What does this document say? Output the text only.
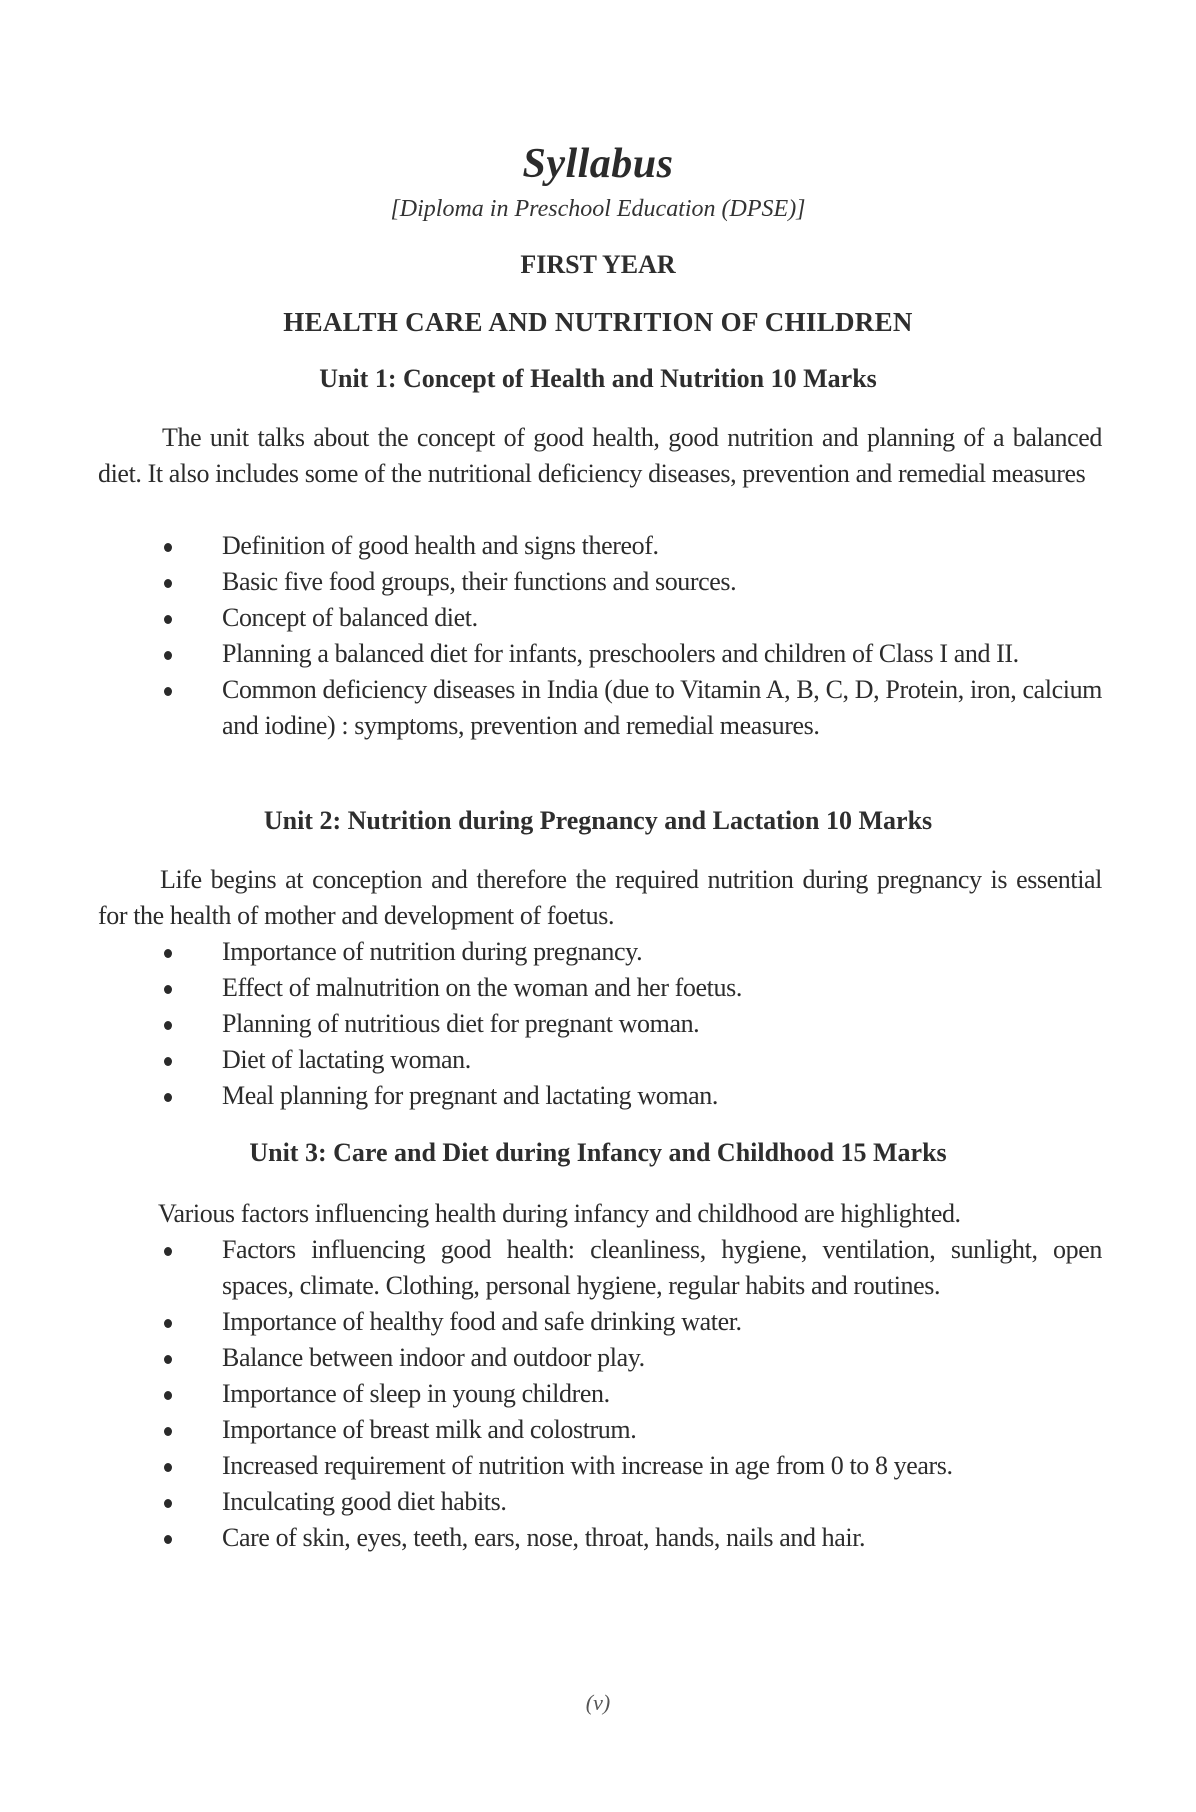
Syllabus
[Diploma in Preschool Education (DPSE)]
FIRST YEAR
HEALTH CARE AND NUTRITION OF CHILDREN
Unit 1: Concept of Health and Nutrition 10 Marks
The unit talks about the concept of good health, good nutrition and planning of a balanced diet. It also includes some of the nutritional deficiency diseases, prevention and remedial measures
Definition of good health and signs thereof.
Basic five food groups, their functions and sources.
Concept of balanced diet.
Planning a balanced diet for infants, preschoolers and children of Class I and II.
Common deficiency diseases in India (due to Vitamin A, B, C, D, Protein, iron, calcium and iodine) : symptoms, prevention and remedial measures.
Unit 2: Nutrition during Pregnancy and Lactation 10 Marks
Life begins at conception and therefore the required nutrition during pregnancy is essential for the health of mother and development of foetus.
Importance of nutrition during pregnancy.
Effect of malnutrition on the woman and her foetus.
Planning of nutritious diet for pregnant woman.
Diet of lactating woman.
Meal planning for pregnant and lactating woman.
Unit 3: Care and Diet during Infancy and Childhood 15 Marks
Various factors influencing health during infancy and childhood are highlighted.
Factors influencing good health: cleanliness, hygiene, ventilation, sunlight, open spaces, climate. Clothing, personal hygiene, regular habits and routines.
Importance of healthy food and safe drinking water.
Balance between indoor and outdoor play.
Importance of sleep in young children.
Importance of breast milk and colostrum.
Increased requirement of nutrition with increase in age from 0 to 8 years.
Inculcating good diet habits.
Care of skin, eyes, teeth, ears, nose, throat, hands, nails and hair.
(v)
